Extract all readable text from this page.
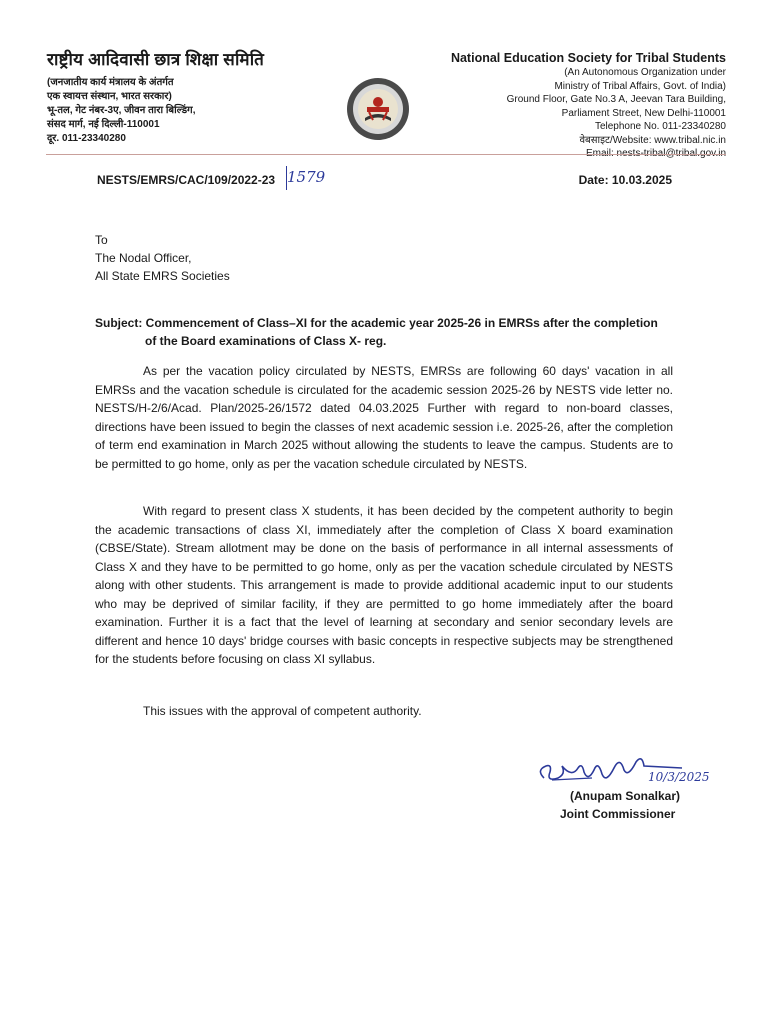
राष्ट्रीय आदिवासी छात्र शिक्षा समिति
(जनजातीय कार्य मंत्रालय के अंतर्गत
एक स्वायत्त संस्थान, भारत सरकार)
भू-तल, गेट नंबर-3ए, जीवन तारा बिल्डिंग,
संसद मार्ग, नई दिल्ली-110001
दूर. 011-23340280
National Education Society for Tribal Students
(An Autonomous Organization under
Ministry of Tribal Affairs, Govt. of India)
Ground Floor, Gate No.3 A, Jeevan Tara Building,
Parliament Street, New Delhi-110001
Telephone No. 011-23340280
वेबसाइट/Website: www.tribal.nic.in
NESTS/EMRS/CAC/109/2022-23 1579	Date: 10.03.2025
To
The Nodal Officer,
All State EMRS Societies
Subject: Commencement of Class–XI for the academic year 2025-26 in EMRSs after the completion
of the Board examinations of Class X- reg.

As per the vacation policy circulated by NESTS, EMRSs are following 60 days' vacation in all EMRSs and the vacation schedule is circulated for the academic session 2025-26 by NESTS vide letter no. NESTS/H-2/6/Acad. Plan/2025-26/1572 dated 04.03.2025 Further with regard to non-board classes, directions have been issued to begin the classes of next academic session i.e. 2025-26, after the completion of term end examination in March 2025 without allowing the students to leave the campus. Students are to be permitted to go home, only as per the vacation schedule circulated by NESTS.

With regard to present class X students, it has been decided by the competent authority to begin the academic transactions of class XI, immediately after the completion of Class X board examination (CBSE/State). Stream allotment may be done on the basis of performance in all internal assessments of Class X and they have to be permitted to go home, only as per the vacation schedule circulated by NESTS along with other students. This arrangement is made to provide additional academic input to our students who may be deprived of similar facility, if they are permitted to go home immediately after the board examination. Further it is a fact that the level of learning at secondary and senior secondary levels are different and hence 10 days' bridge courses with basic concepts in respective subjects may be strengthened for the students before focusing on class XI syllabus.

This issues with the approval of competent authority.

10/3/2025
(Anupam Sonalkar)
Joint Commissioner
